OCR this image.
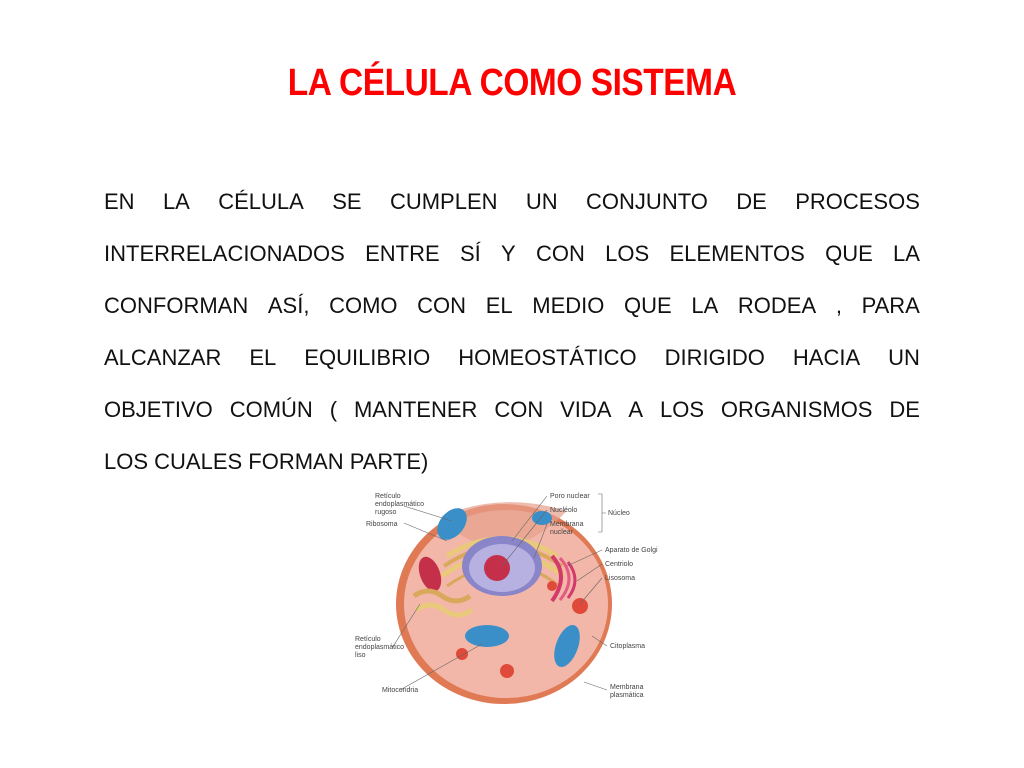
LA CÉLULA COMO SISTEMA
EN LA CÉLULA SE CUMPLEN UN CONJUNTO DE PROCESOS
INTERRELACIONADOS ENTRE SÍ Y CON LOS ELEMENTOS QUE LA
CONFORMAN ASÍ, COMO CON EL MEDIO QUE LA RODEA , PARA
ALCANZAR EL EQUILIBRIO HOMEOSTÁTICO DIRIGIDO HACIA UN
OBJETIVO COMÚN ( MANTENER CON VIDA A LOS ORGANISMOS DE
LOS CUALES FORMAN PARTE)
Retículo
endoplasmático
rugoso
Ribosoma
Retículo
endoplasmático
liso
Mitocondria
Poro nuclear
Nucléolo
Membrana
nuclear
Núcleo
Aparato de Golgi
Centriolo
Lisosoma
Citoplasma
Membrana
plasmática
